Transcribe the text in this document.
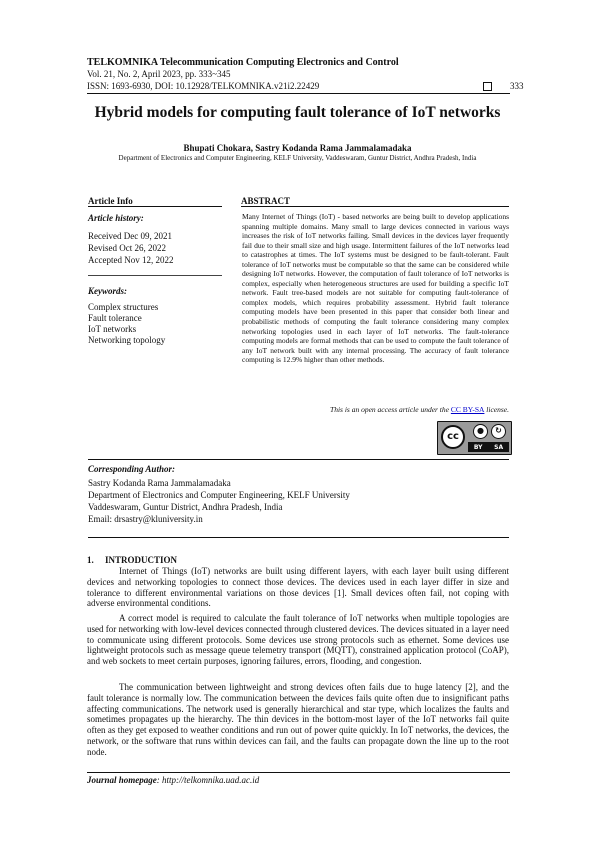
TELKOMNIKA Telecommunication Computing Electronics and Control
Vol. 21, No. 2, April 2023, pp. 333~345
ISSN: 1693-6930, DOI: 10.12928/TELKOMNIKA.v21i2.22429	333
Hybrid models for computing fault tolerance of IoT networks
Bhupati Chokara, Sastry Kodanda Rama Jammalamadaka
Department of Electronics and Computer Engineering, KELF University, Vaddeswaram, Guntur District, Andhra Pradesh, India
Article Info
Article history:
Received Dec 09, 2021
Revised Oct 26, 2022
Accepted Nov 12, 2022
Keywords:
Complex structures
Fault tolerance
IoT networks
Networking topology
ABSTRACT
Many Internet of Things (IoT) - based networks are being built to develop applications spanning multiple domains. Many small to large devices connected in various ways increases the risk of IoT networks failing. Small devices in the devices layer frequently fail due to their small size and high usage. Intermittent failures of the IoT networks lead to catastrophes at times. The IoT systems must be designed to be fault-tolerant. Fault tolerance of IoT networks must be computable so that the same can be considered while designing IoT networks. However, the computation of fault tolerance of IoT networks is complex, especially when heterogeneous structures are used for building a specific IoT network. Fault tree-based models are not suitable for computing fault-tolerance of complex models, which requires probability assessment. Hybrid fault tolerance computing models have been presented in this paper that consider both linear and probabilistic methods of computing the fault tolerance considering many complex networking topologies used in each layer of IoT networks. The fault-tolerance computing models are formal methods that can be used to compute the fault tolerance of any IoT network built with any internal processing. The accuracy of fault tolerance computing is 12.9% higher than other methods.
This is an open access article under the CC BY-SA license.
cc
●	↻
BY SA
Corresponding Author:
Sastry Kodanda Rama Jammalamadaka
Department of Electronics and Computer Engineering, KELF University
Vaddeswaram, Guntur District, Andhra Pradesh, India
Email: drsastry@kluniversity.in
1. INTRODUCTION
Internet of Things (IoT) networks are built using different layers, with each layer built using different devices and networking topologies to connect those devices. The devices used in each layer differ in size and tolerance to different environmental variations on those devices [1]. Small devices often fail, not coping with adverse environmental conditions.
A correct model is required to calculate the fault tolerance of IoT networks when multiple topologies are used for networking with low-level devices connected through clustered devices. The devices situated in a layer need to communicate using different protocols. Some devices use strong protocols such as ethernet. Some devices use lightweight protocols such as message queue telemetry transport (MQTT), constrained application protocol (CoAP), and web sockets to meet certain purposes, ignoring failures, errors, flooding, and congestion.
The communication between lightweight and strong devices often fails due to huge latency [2], and the fault tolerance is normally low. The communication between the devices fails quite often due to insignificant paths affecting communications. The network used is generally hierarchical and star type, which localizes the faults and sometimes propagates up the hierarchy. The thin devices in the bottom-most layer of the IoT networks fail quite often as they get exposed to weather conditions and run out of power quite quickly. In IoT networks, the devices, the network, or the software that runs within devices can fail, and the faults can propagate down the line up to the root node.
Journal homepage: http://telkomnika.uad.ac.id
